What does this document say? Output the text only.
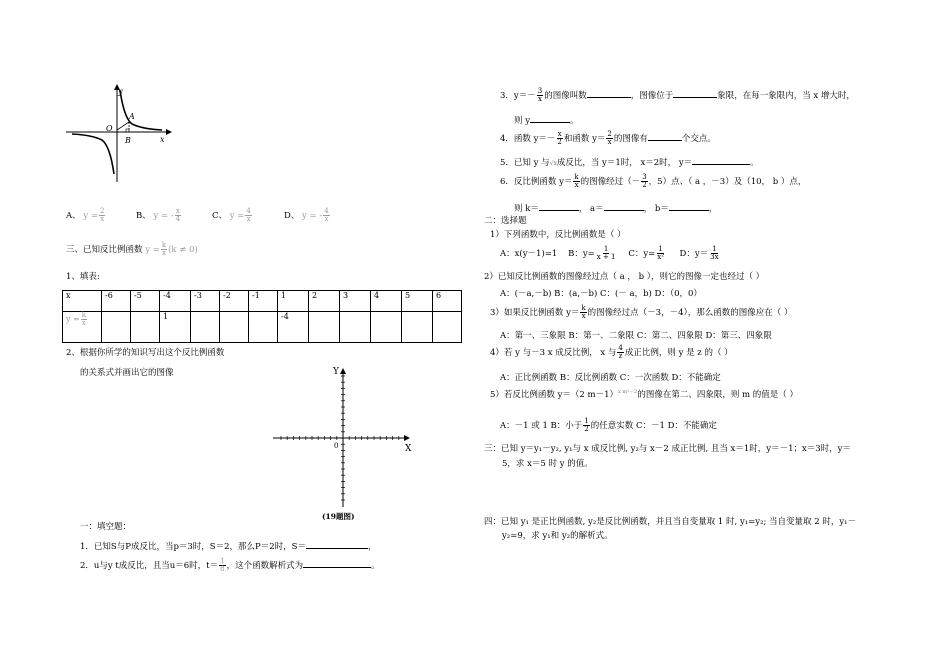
y
x
O
A
B
A、 $y = \frac{2}{x}$	B、 y = - $\frac{x}{4}$	C、 $y = \frac{4}{x}$	D、 y = - $\frac{4}{x}$
三、已知反比例函数 $y = \frac{k}{x} (k \ne 0)$
1、填表:
x	-6	-5	-4	-3	-2	-1	1	2	3	4	5	6
$y = \frac{k}{x}$			1				-4					
2、根据你所学的知识写出这个反比例函数
的关系式并画出它的图像	Y
X
0
(19题图)
一：填空题：
1．已知S与P成反比，当p＝3时，S＝2，那么P＝2时，S＝	，
2．u与y t成反比，且当u＝6时，$t= \frac{1}{8}$ ，这个函数解析式为	。
3．$y=- \frac{3}{x}$ 的图像叫数	，图像位于	象限，在每一象限内，当 x 增大时，
则 y	。
4．函数 $y=- \frac{x}{2}$ 和函数 $y= \frac{2}{x}$ 的图像有	个交点。
5．已知 y 与√x成反比，当 y＝1时， x＝2时， y＝	。
6．反比例函数 $y= \frac{k}{x}$ 的图像经过（－ $\frac{3}{2}$ ，5）点、（ a ，－3）及（10， b ）点，
则 k＝	， a＝	， b＝	，
二：选择题
1）下列函数中，反比例函数是（ ）
A：x(y－1)=1 B：$y= \frac{1}{x + 1}$ C：$y= \frac{1}{\text{x²}}$ D：$y= \frac{1}{3x}$
2）已知反比例函数的图像经过点（ a ， b ），则它的图像一定也经过（ ）
A：(－a,－b) B：(a,－b) C：(－ a，b) D：（0，0）
3）如果反比例函数 $y= \frac{k}{x}$ 的图像经过点（－3，－4），那么函数的图像应在（ ）
A：第一、三象限 B：第一、二象限 C：第二、四象限 D：第三、四象限
4）若 y 与－3 x 成反比例， x 与 $\frac{4}{z}$ 成正比例，则 y 是 z 的（ ）
A：正比例函数 B：反比例函数 C：一次函数 D：不能确定
5）若反比例函数 y＝（2 m－1）$^{x m^2-2}$的图像在第二、四象限，则 m 的值是（ ）
A：－1 或 1 B：小于 $\frac{1}{2}$ 的任意实数 C：－1 D：不能确定
三：已知 y＝y₁－y₂, y₁与 x 成反比例, y₂与 x－2 成正比例, 且当 x＝1时，y＝－1；x＝3时，y＝
5，求 x＝5 时 y 的值。
四：已知 y₁ 是正比例函数, y₂是反比例函数，并且当自变量取 1 时, y₁=y₂; 当自变量取 2 时，y₁－
y₂=9，求 y₁和 y₂的解析式。
